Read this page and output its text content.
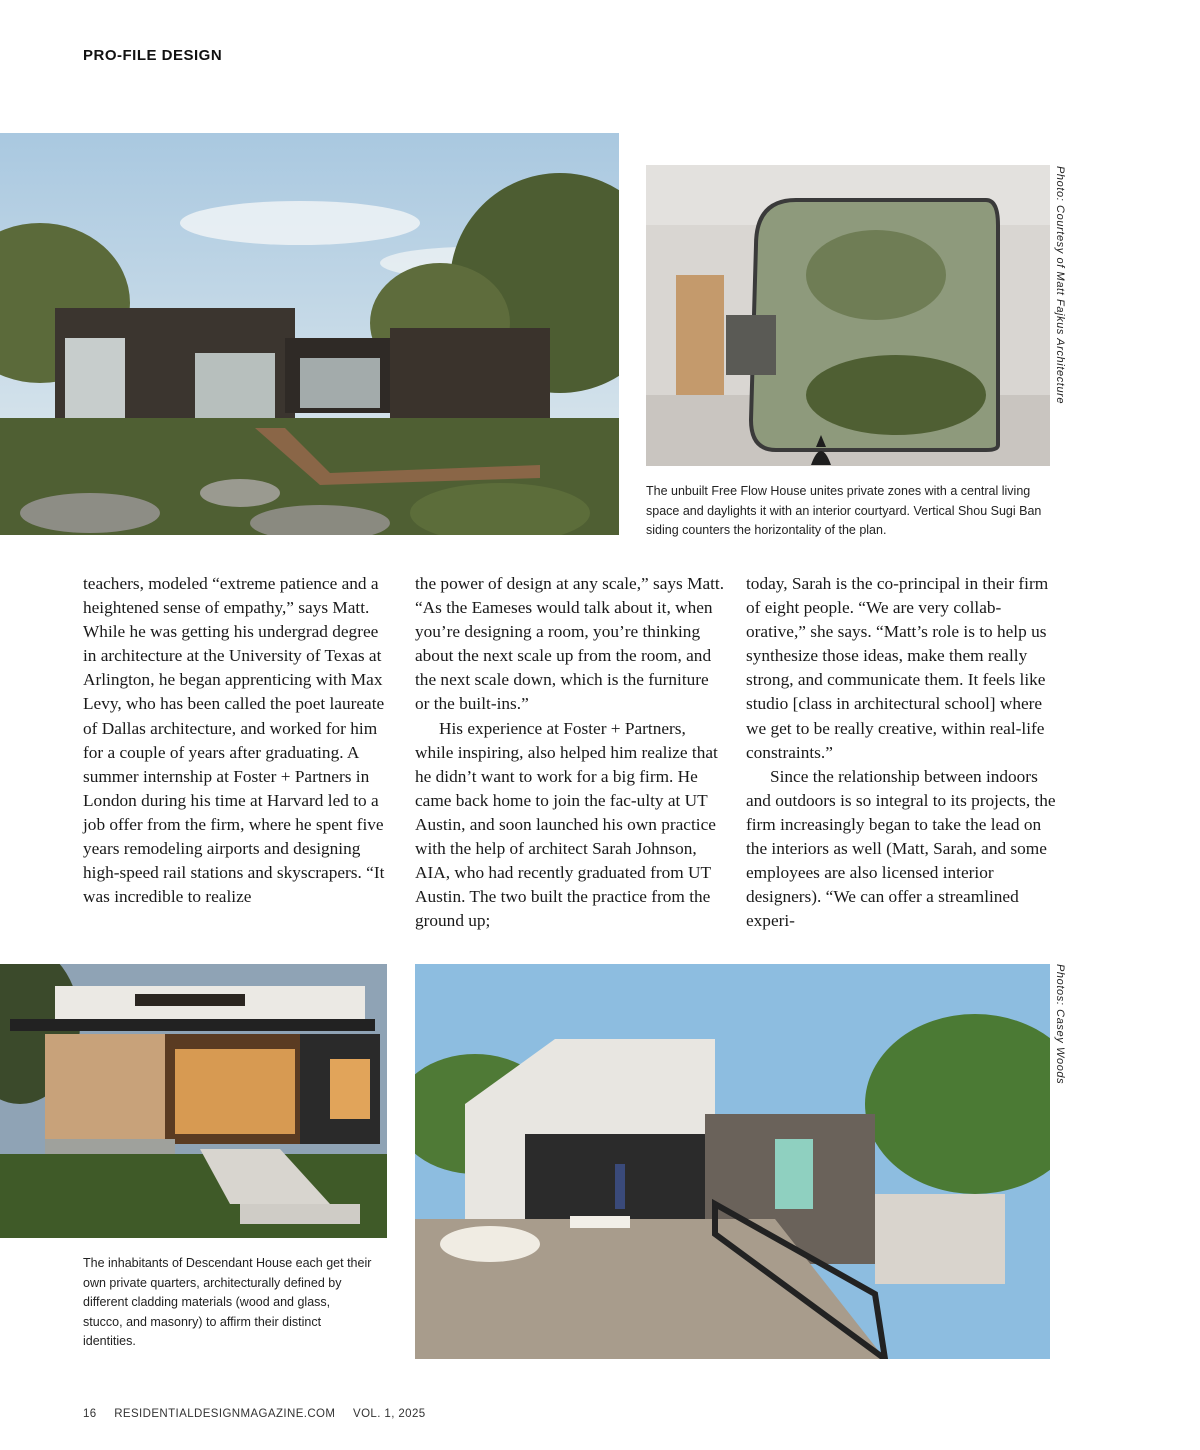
PRO-FILE DESIGN
Photo: Courtesy of Matt Fajkus Architecture
The unbuilt Free Flow House unites private zones with a central living space and daylights it with an interior courtyard. Vertical Shou Sugi Ban siding counters the horizontality of the plan.

teachers, modeled “extreme patience and a heightened sense of empathy,” says Matt. While he was getting his undergrad degree in architecture at the University of Texas at Arlington, he began apprenticing with Max Levy, who has been called the poet laureate of Dallas architecture, and worked for him for a couple of years after graduating. A summer internship at Foster + Partners in London during his time at Harvard led to a job offer from the firm, where he spent five years remodeling airports and designing high-speed rail stations and skyscrapers. “It was incredible to realize

the power of design at any scale,” says Matt. “As the Eameses would talk about it, when you’re designing a room, you’re thinking about the next scale up from the room, and the next scale down, which is the furniture or the built-ins.”

His experience at Foster + Partners, while inspiring, also helped him realize that he didn’t want to work for a big firm. He came back home to join the fac-ulty at UT Austin, and soon launched his own practice with the help of architect Sarah Johnson, AIA, who had recently graduated from UT Austin. The two built the practice from the ground up;

today, Sarah is the co-principal in their firm of eight people. “We are very collab-orative,” she says. “Matt’s role is to help us synthesize those ideas, make them really strong, and communicate them. It feels like studio [class in architectural school] where we get to be really creative, within real-life constraints.”

Since the relationship between indoors and outdoors is so integral to its projects, the firm increasingly began to take the lead on the interiors as well (Matt, Sarah, and some employees are also licensed interior designers). “We can offer a streamlined experi-

The inhabitants of Descendant House each get their own private quarters, architecturally defined by different cladding materials (wood and glass, stucco, and masonry) to affirm their distinct identities.
Photos: Casey Woods
16 RESIDENTIALDESIGNMAGAZINE.COM VOL. 1, 2025
